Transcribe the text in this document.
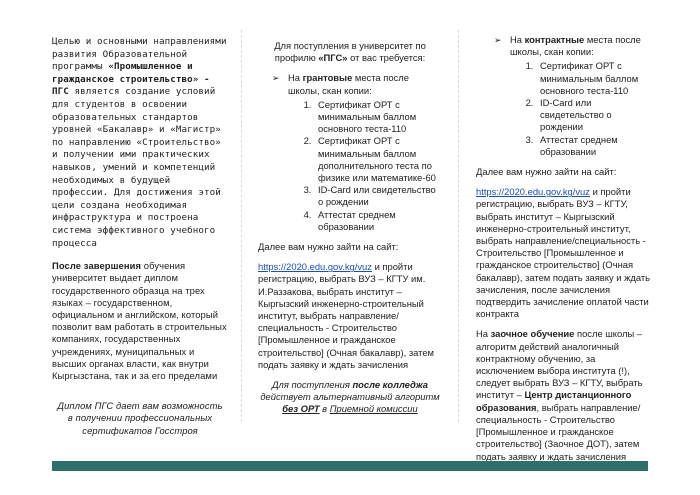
Целью и основными направлениями развития Образовательной программы «Промышленное и гражданское строительство» - ПГС является создание условий для студентов в освоении образовательных стандартов уровней «Бакалавр» и «Магистр» по направлению «Строительство» и получении ими практических навыков, умений и компетенций необходимых в будущей профессии. Для достижения этой цели создана необходимая инфраструктура и построена система эффективного учебного процесса

После завершения обучения университет выдает диплом государственного образца на трех языках – государственном, официальном и английском, который позволит вам работать в строительных компаниях, государственных учреждениях, муниципальных и высших органах власти, как внутри Кыргызстана, так и за его пределами

Диплом ПГС дает вам возможность в получении профессиональных сертификатов Госстроя

Для поступления в университет по профилю «ПГС» от вас требуется:

➢ На грантовые места после школы, скан копии:
1. Сертификат ОРТ с минимальным баллом основного теста-110
2. Сертификат ОРТ с минимальным баллом дополнительного теста по физике или математике-60
3. ID-Card или свидетельство о рождении
4. Аттестат среднем образовании

Далее вам нужно зайти на сайт:

https://2020.edu.gov.kg/vuz и пройти регистрацию, выбрать ВУЗ – КГТУ им. И.Раззакова, выбрать институт – Кыргызский инженерно-строительный институт, выбрать направление/специальность - Строительство [Промышленное и гражданское строительство] (Очная бакалавр), затем подать заявку и ждать зачисления

Для поступления после колледжа действует альтернативный алгоритм без ОРТ в Приемной комиссии

➢ На контрактные места после школы, скан копии:
1. Сертификат ОРТ с минимальным баллом основного теста-110
2. ID-Card или свидетельство о рождении
3. Аттестат среднем образовании

Далее вам нужно зайти на сайт:

https://2020.edu.gov.kg/vuz и пройти регистрацию, выбрать ВУЗ – КГТУ, выбрать институт – Кыргызский инженерно-строительный институт, выбрать направление/специальность - Строительство [Промышленное и гражданское строительство] (Очная бакалавр), затем подать заявку и ждать зачисления, после зачисления подтвердить зачисление оплатой части контракта

На заочное обучение после школы – алгоритм действий аналогичный контрактному обучению, за исключением выбора института (!), следует выбрать ВУЗ – КГТУ, выбрать институт – Центр дистанционного образования, выбрать направление/специальность - Строительство [Промышленное и гражданское строительство] (Заочное ДОТ), затем подать заявку и ждать зачисления
